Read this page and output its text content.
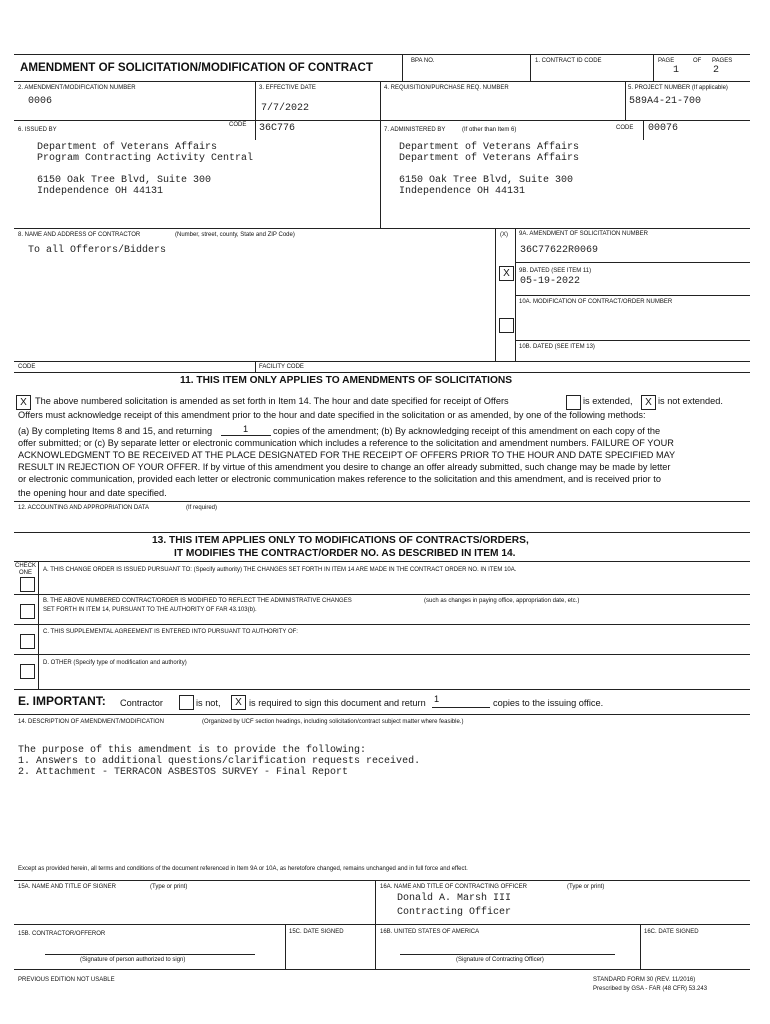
AMENDMENT OF SOLICITATION/MODIFICATION OF CONTRACT	BPA NO.	1. CONTRACT ID CODE	PAGE	OF PAGES
1	2
2. AMENDMENT/MODIFICATION NUMBER
0006
3. EFFECTIVE DATE
7/7/2022
4. REQUISITION/PURCHASE REQ. NUMBER	5. PROJECT NUMBER (If applicable)
589A4-21-700
6. ISSUED BY
CODE 36C776
Department of Veterans Affairs
Program Contracting Activity Central
6150 Oak Tree Blvd, Suite 300
Independence OH 44131
7. ADMINISTERED BY	(If other than Item 6)	CODE 00076
Department of Veterans Affairs
Department of Veterans Affairs
6150 Oak Tree Blvd, Suite 300
Independence OH 44131
8. NAME AND ADDRESS OF CONTRACTOR	(Number, street, county, State and ZIP Code)
To all Offerors/Bidders
(X) 9A. AMENDMENT OF SOLICITATION NUMBER
36C77622R0069
X	9B. DATED (SEE ITEM 11)
05-19-2022
10A. MODIFICATION OF CONTRACT/ORDER NUMBER
10B. DATED (SEE ITEM 13)
CODE	FACILITY CODE
11. THIS ITEM ONLY APPLIES TO AMENDMENTS OF SOLICITATIONS
X The above numbered solicitation is amended as set forth in Item 14. The hour and date specified for receipt of Offers	is extended,	X is not extended.
Offers must acknowledge receipt of this amendment prior to the hour and date specified in the solicitation or as amended, by one of the following methods:
(a) By completing Items 8 and 15, and returning	1	copies of the amendment; (b) By acknowledging receipt of this amendment on each copy of the
offer submitted; or (c) By separate letter or electronic communication which includes a reference to the solicitation and amendment numbers. FAILURE OF YOUR
ACKNOWLEDGMENT TO BE RECEIVED AT THE PLACE DESIGNATED FOR THE RECEIPT OF OFFERS PRIOR TO THE HOUR AND DATE SPECIFIED MAY
RESULT IN REJECTION OF YOUR OFFER. If by virtue of this amendment you desire to change an offer already submitted, such change may be made by letter
or electronic communication, provided each letter or electronic communication makes reference to the solicitation and this amendment, and is received prior to
the opening hour and date specified.
12. ACCOUNTING AND APPROPRIATION DATA	(If required)
13. THIS ITEM APPLIES ONLY TO MODIFICATIONS OF CONTRACTS/ORDERS,
IT MODIFIES THE CONTRACT/ORDER NO. AS DESCRIBED IN ITEM 14.
CHECK
ONE A. THIS CHANGE ORDER IS ISSUED PURSUANT TO: (Specify authority) THE CHANGES SET FORTH IN ITEM 14 ARE MADE IN THE CONTRACT ORDER NO. IN ITEM 10A.
B. THE ABOVE NUMBERED CONTRACT/ORDER IS MODIFIED TO REFLECT THE ADMINISTRATIVE CHANGES	(such as changes in paying office, appropriation date, etc.)
SET FORTH IN ITEM 14, PURSUANT TO THE AUTHORITY OF FAR 43.103(b).
C. THIS SUPPLEMENTAL AGREEMENT IS ENTERED INTO PURSUANT TO AUTHORITY OF:
D. OTHER (Specify type of modification and authority)
E. IMPORTANT: Contractor	is not,	X is required to sign this document and return 1	copies to the issuing office.
14. DESCRIPTION OF AMENDMENT/MODIFICATION	(Organized by UCF section headings, including solicitation/contract subject matter where feasible.)
The purpose of this amendment is to provide the following:
1. Answers to additional questions/clarification requests received.
2. Attachment - TERRACON ASBESTOS SURVEY - Final Report
Except as provided herein, all terms and conditions of the document referenced in Item 9A or 10A, as heretofore changed, remains unchanged and in full force and effect.
15A. NAME AND TITLE OF SIGNER	(Type or print)	16A. NAME AND TITLE OF CONTRACTING OFFICER	(Type or print)
Donald A. Marsh III
Contracting Officer
15B. CONTRACTOR/OFFEROR	15C. DATE SIGNED	16B. UNITED STATES OF AMERICA	16C. DATE SIGNED
(Signature of person authorized to sign)	(Signature of Contracting Officer)
PREVIOUS EDITION NOT USABLE	STANDARD FORM 30 (REV. 11/2016)
Prescribed by GSA - FAR (48 CFR) 53.243
